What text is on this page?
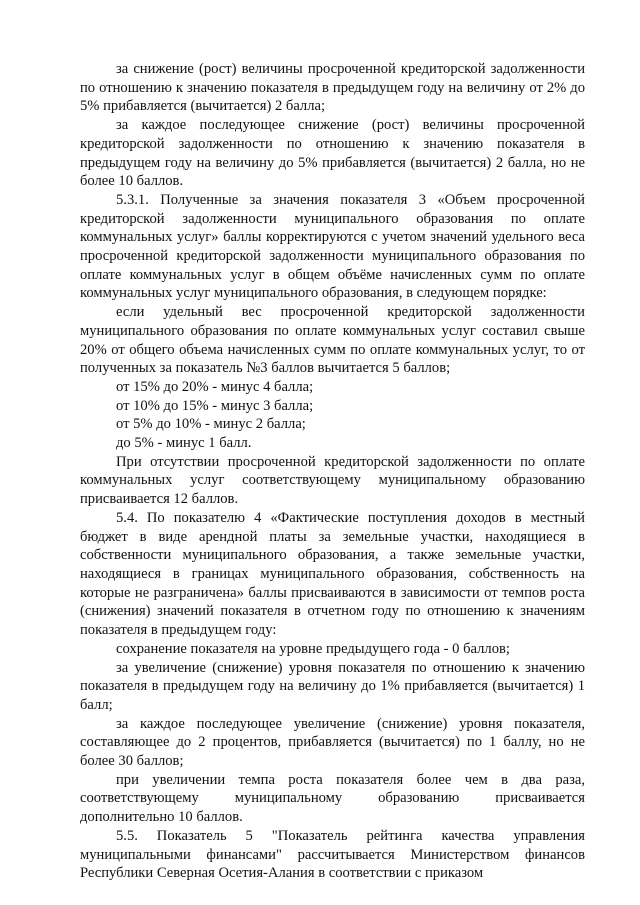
за снижение (рост) величины просроченной кредиторской задолженности по отношению к значению показателя в предыдущем году на величину от 2% до 5% прибавляется (вычитается) 2 балла;

за каждое последующее снижение (рост) величины просроченной кредиторской задолженности по отношению к значению показателя в предыдущем году на величину до 5% прибавляется (вычитается) 2 балла, но не более 10 баллов.

5.3.1. Полученные за значения показателя 3 «Объем просроченной кредиторской задолженности муниципального образования по оплате коммунальных услуг» баллы корректируются с учетом значений удельного веса просроченной кредиторской задолженности муниципального образования по оплате коммунальных услуг в общем объёме начисленных сумм по оплате коммунальных услуг муниципального образования, в следующем порядке:

если удельный вес просроченной кредиторской задолженности муниципального образования по оплате коммунальных услуг составил свыше 20% от общего объема начисленных сумм по оплате коммунальных услуг, то от полученных за показатель №3 баллов вычитается 5 баллов;

от 15% до 20% - минус 4 балла;

от 10% до 15% - минус 3 балла;

от 5% до 10% - минус 2 балла;

до 5% - минус 1 балл.

При отсутствии просроченной кредиторской задолженности по оплате коммунальных услуг соответствующему муниципальному образованию присваивается 12 баллов.

5.4. По показателю 4 «Фактические поступления доходов в местный бюджет в виде арендной платы за земельные участки, находящиеся в собственности муниципального образования, а также земельные участки, находящиеся в границах муниципального образования, собственность на которые не разграничена» баллы присваиваются в зависимости от темпов роста (снижения) значений показателя в отчетном году по отношению к значениям показателя в предыдущем году:

сохранение показателя на уровне предыдущего года - 0 баллов;

за увеличение (снижение) уровня показателя по отношению к значению показателя в предыдущем году на величину до 1% прибавляется (вычитается) 1 балл;

за каждое последующее увеличение (снижение) уровня показателя, составляющее до 2 процентов, прибавляется (вычитается) по 1 баллу, но не более 30 баллов;

при увеличении темпа роста показателя более чем в два раза, соответствующему муниципальному образованию присваивается дополнительно 10 баллов.

5.5. Показатель 5 "Показатель рейтинга качества управления муниципальными финансами" рассчитывается Министерством финансов Республики Северная Осетия-Алания в соответствии с приказом
